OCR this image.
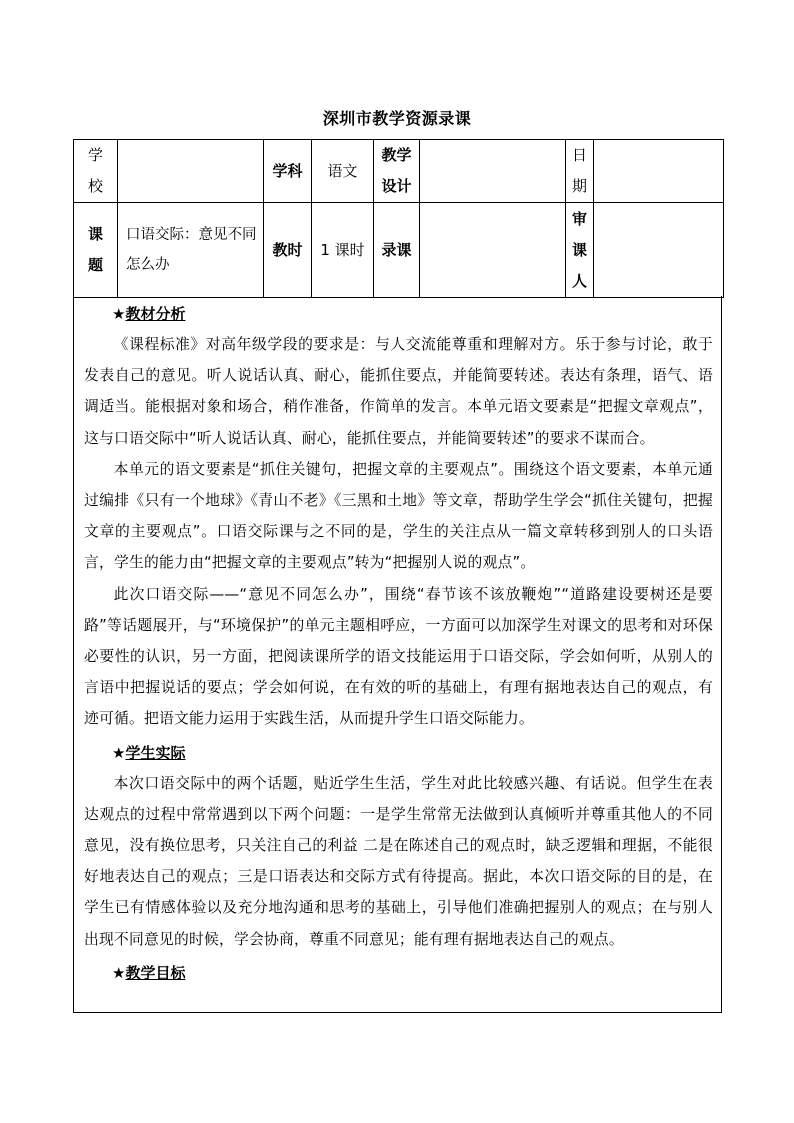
深圳市教学资源录课
学校		学科	语文	教学设计		日期	
课题	口语交际：意见不同怎么办	教时	1 课时	录课		审课人	
★教材分析

《课程标准》对高年级学段的要求是：与人交流能尊重和理解对方。乐于参与讨论，敢于发表自己的意见。听人说话认真、耐心，能抓住要点，并能简要转述。表达有条理，语气、语调适当。能根据对象和场合，稍作准备，作简单的发言。本单元语文要素是“把握文章观点”，这与口语交际中“听人说话认真、耐心，能抓住要点，并能简要转述”的要求不谋而合。

本单元的语文要素是“抓住关键句，把握文章的主要观点”。围绕这个语文要素，本单元通过编排《只有一个地球》《青山不老》《三黑和土地》等文章，帮助学生学会“抓住关键句，把握文章的主要观点”。口语交际课与之不同的是，学生的关注点从一篇文章转移到别人的口头语言，学生的能力由“把握文章的主要观点”转为“把握别人说的观点”。

此次口语交际——“意见不同怎么办”，围绕“春节该不该放鞭炮”“道路建设要树还是要路”等话题展开，与“环境保护”的单元主题相呼应，一方面可以加深学生对课文的思考和对环保必要性的认识，另一方面，把阅读课所学的语文技能运用于口语交际，学会如何听，从别人的言语中把握说话的要点；学会如何说，在有效的听的基础上，有理有据地表达自己的观点，有迹可循。把语文能力运用于实践生活，从而提升学生口语交际能力。

★学生实际

本次口语交际中的两个话题，贴近学生生活，学生对此比较感兴趣、有话说。但学生在表达观点的过程中常常遇到以下两个问题：一是学生常常无法做到认真倾听并尊重其他人的不同意见，没有换位思考，只关注自己的利益 二是在陈述自己的观点时，缺乏逻辑和理据，不能很好地表达自己的观点；三是口语表达和交际方式有待提高。据此，本次口语交际的目的是，在学生已有情感体验以及充分地沟通和思考的基础上，引导他们准确把握别人的观点；在与别人出现不同意见的时候，学会协商，尊重不同意见；能有理有据地表达自己的观点。

★教学目标
